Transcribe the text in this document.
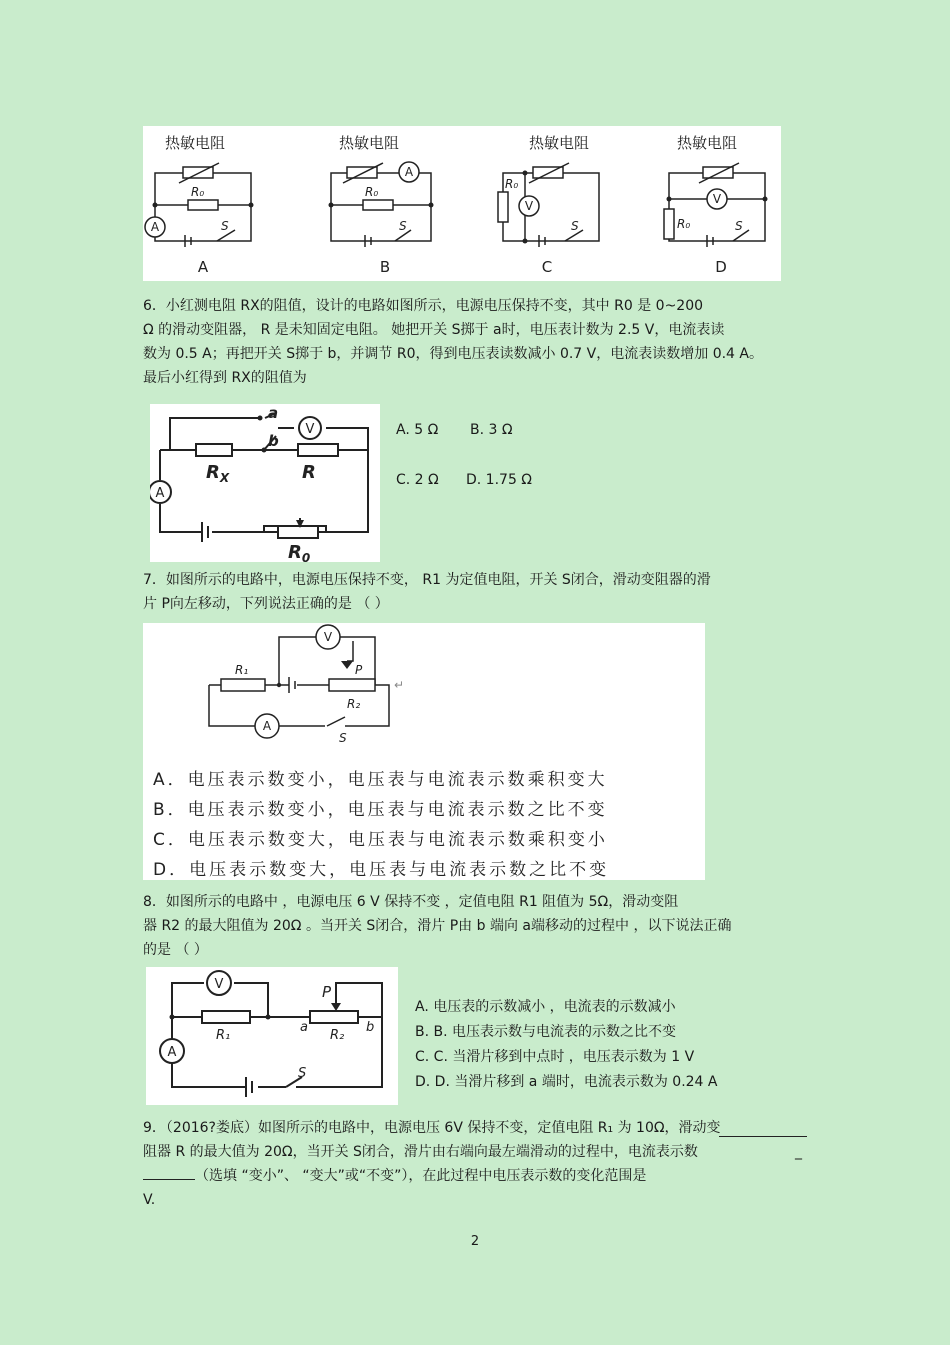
热敏电阻	热敏电阻	热敏电阻	热敏电阻
R₀	R₀
R₀
R₀
S	S	S	S
A
A
V	V
A	B	C	D
6．小红测电阻 RX的阻值，设计的电路如图所示，电源电压保持不变，其中 R0 是 0~200
Ω 的滑动变阻器， R 是未知固定电阻。 她把开关 S掷于 a时，电压表计数为 2.5 V，电流表读
数为 0.5 A；再把开关 S掷于 b，并调节 R0，得到电压表读数减小 0.7 V，电流表读数增加 0.4 A。
最后小红得到 RX的阻值为
a
b
$R_X$	R
$R_0$
V
A
A. 5 Ω B. 3 Ω
C. 2 Ω D. 1.75 Ω
7．如图所示的电路中，电源电压保持不变， R1 为定值电阻，开关 S闭合，滑动变阻器的滑
片 P向左移动，下列说法正确的是 （ ）
R₁	P
R₂
S
V
A
↵
A．电压表示数变小，电压表与电流表示数乘积变大
B．电压表示数变小，电压表与电流表示数之比不变
C．电压表示数变大，电压表与电流表示数乘积变小
D．电压表示数变大，电压表与电流表示数之比不变
8．如图所示的电路中 ，电源电压 6 V 保持不变 ，定值电阻 R1 阻值为 5Ω，滑动变阻
器 R2 的最大阻值为 20Ω 。当开关 S闭合，滑片 P由 b 端向 a端移动的过程中 ，以下说法正确
的是 （ ）
P
R₁	R₂
a	b
S
V
A
A. 电压表的示数减小 ，电流表的示数减小
B. B. 电压表示数与电流表的示数之比不变
C. C. 当滑片移到中点时 ，电压表示数为 1 V
D. D. 当滑片移到 a 端时，电流表示数为 0.24 A
9．（2016?娄底）如图所示的电路中，电源电压 6V 保持不变，定值电阻 R₁ 为 10Ω，滑动变
阻器 R 的最大值为 20Ω，当开关 S闭合，滑片由右端向最左端滑动的过程中，电流表示数	_
（选填 “变小”、 “变大”或“不变”），在此过程中电压表示数的变化范围是
V.
2
